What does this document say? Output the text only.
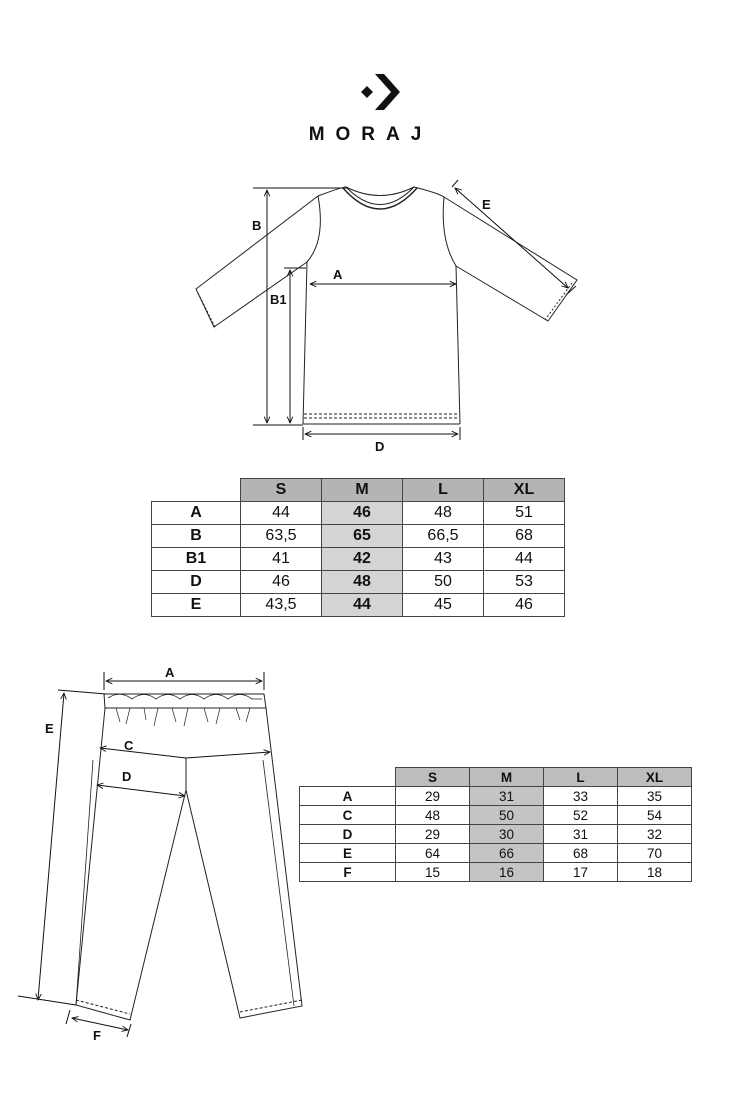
MORAJ
B
B1
A
D
E
	S	M	L	XL
A	44	46	48	51
B	63,5	65	66,5	68
B1	41	42	43	44
D	46	48	50	53
E	43,5	44	45	46
A
E
C
D
F
	S	M	L	XL
A	29	31	33	35
C	48	50	52	54
D	29	30	31	32
E	64	66	68	70
F	15	16	17	18
